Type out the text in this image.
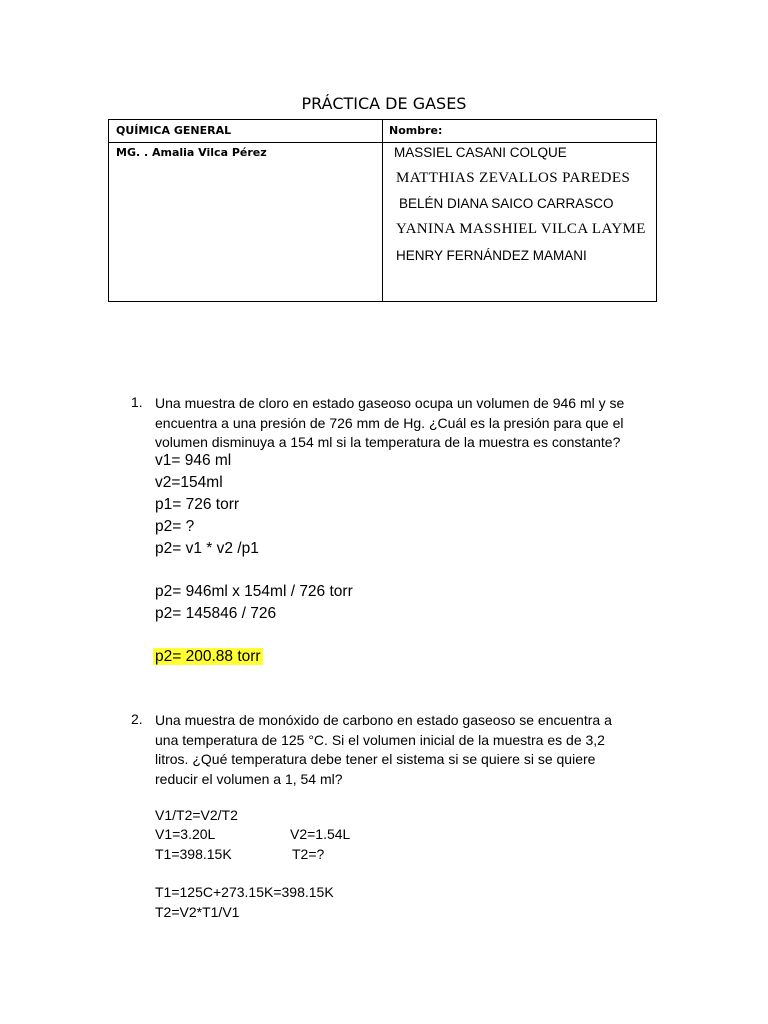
PRÁCTICA DE GASES
QUÍMICA GENERAL	Nombre:
MG. . Amalia Vilca Pérez	MASSIEL CASANI COLQUE
MATTHIAS ZEVALLOS PAREDES
BELÉN DIANA SAICO CARRASCO
YANINA MASSHIEL VILCA LAYME
HENRY FERNÁNDEZ MAMANI
1. Una muestra de cloro en estado gaseoso ocupa un volumen de 946 ml y se
encuentra a una presión de 726 mm de Hg. ¿Cuál es la presión para que el
volumen disminuya a 154 ml si la temperatura de la muestra es constante?
v1= 946 ml
v2=154ml
p1= 726 torr
p2= ?
p2= v1 * v2 /p1
p2= 946ml x 154ml / 726 torr
p2= 145846 / 726
p2= 200.88 torr
2. Una muestra de monóxido de carbono en estado gaseoso se encuentra a
una temperatura de 125 °C. Si el volumen inicial de la muestra es de 3,2
litros. ¿Qué temperatura debe tener el sistema si se quiere si se quiere
reducir el volumen a 1, 54 ml?
V1/T2=V2/T2
V1=3.20L	V2=1.54L
T1=398.15K	T2=?
T1=125C+273.15K=398.15K
T2=V2*T1/V1
